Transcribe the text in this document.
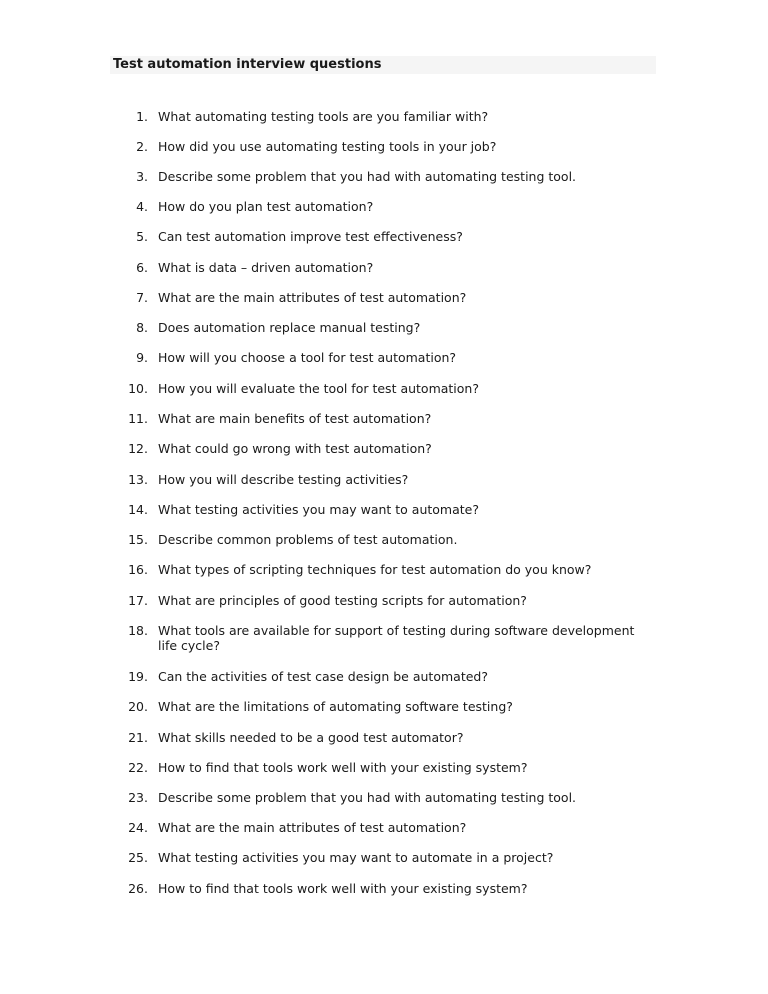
Test automation interview questions
1. What automating testing tools are you familiar with?
2. How did you use automating testing tools in your job?
3. Describe some problem that you had with automating testing tool.
4. How do you plan test automation?
5. Can test automation improve test effectiveness?
6. What is data – driven automation?
7. What are the main attributes of test automation?
8. Does automation replace manual testing?
9. How will you choose a tool for test automation?
10. How you will evaluate the tool for test automation?
11. What are main benefits of test automation?
12. What could go wrong with test automation?
13. How you will describe testing activities?
14. What testing activities you may want to automate?
15. Describe common problems of test automation.
16. What types of scripting techniques for test automation do you know?
17. What are principles of good testing scripts for automation?
18. What tools are available for support of testing during software development life cycle?
19. Can the activities of test case design be automated?
20. What are the limitations of automating software testing?
21. What skills needed to be a good test automator?
22. How to find that tools work well with your existing system?
23. Describe some problem that you had with automating testing tool.
24. What are the main attributes of test automation?
25. What testing activities you may want to automate in a project?
26. How to find that tools work well with your existing system?
